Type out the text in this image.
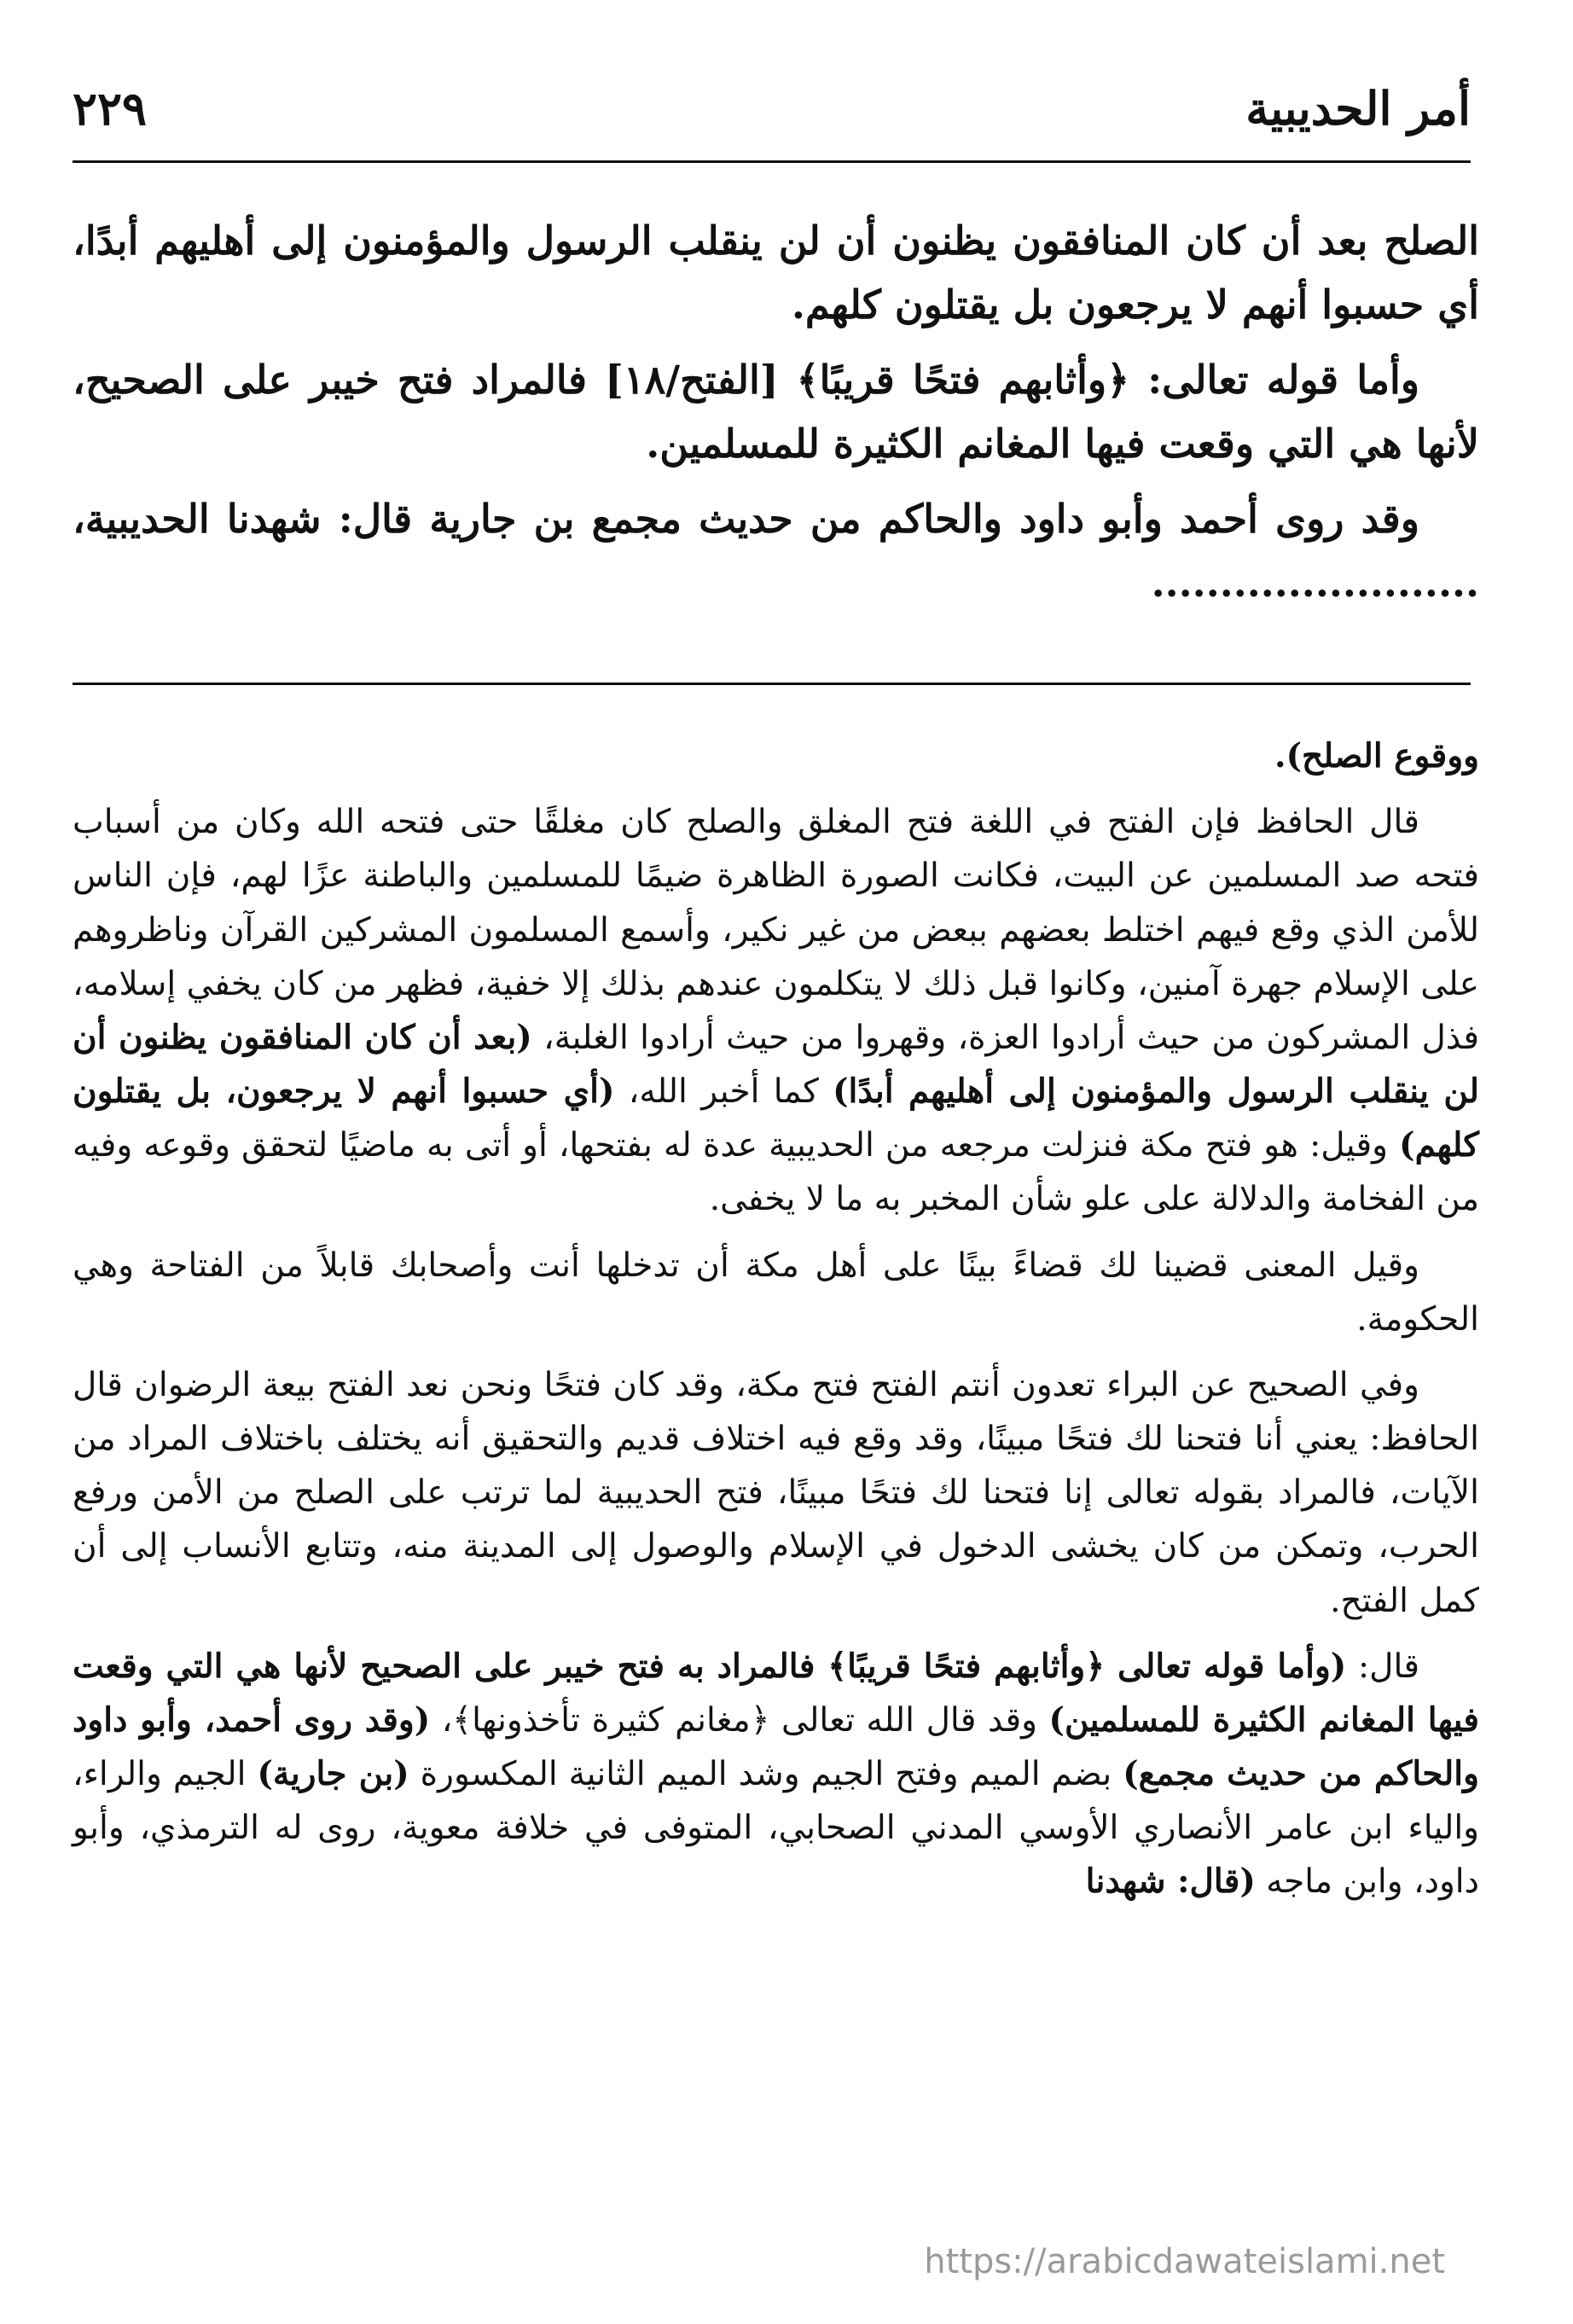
أمر الحديبية
٢٢٩

الصلح بعد أن كان المنافقون يظنون أن لن ينقلب الرسول والمؤمنون إلى أهليهم أبدًا، أي حسبوا أنهم لا يرجعون بل يقتلون كلهم.

وأما قوله تعالى: ﴿وأثابهم فتحًا قريبًا﴾ [الفتح/١٨] فالمراد فتح خيبر على الصحيح، لأنها هي التي وقعت فيها المغانم الكثيرة للمسلمين.

وقد روى أحمد وأبو داود والحاكم من حديث مجمع بن جارية قال: شهدنا الحديبية، ........................

ووقوع الصلح).

قال الحافظ فإن الفتح في اللغة فتح المغلق والصلح كان مغلقًا حتى فتحه الله وكان من أسباب فتحه صد المسلمين عن البيت، فكانت الصورة الظاهرة ضيمًا للمسلمين والباطنة عزًا لهم، فإن الناس للأمن الذي وقع فيهم اختلط بعضهم ببعض من غير نكير، وأسمع المسلمون المشركين القرآن وناظروهم على الإسلام جهرة آمنين، وكانوا قبل ذلك لا يتكلمون عندهم بذلك إلا خفية، فظهر من كان يخفي إسلامه، فذل المشركون من حيث أرادوا العزة، وقهروا من حيث أرادوا الغلبة، (بعد أن كان المنافقون يظنون أن لن ينقلب الرسول والمؤمنون إلى أهليهم أبدًا) كما أخبر الله، (أي حسبوا أنهم لا يرجعون، بل يقتلون كلهم) وقيل: هو فتح مكة فنزلت مرجعه من الحديبية عدة له بفتحها، أو أتى به ماضيًا لتحقق وقوعه وفيه من الفخامة والدلالة على علو شأن المخبر به ما لا يخفى.

وقيل المعنى قضينا لك قضاءً بينًا على أهل مكة أن تدخلها أنت وأصحابك قابلاً من الفتاحة وهي الحكومة.

وفي الصحيح عن البراء تعدون أنتم الفتح فتح مكة، وقد كان فتحًا ونحن نعد الفتح بيعة الرضوان قال الحافظ: يعني أنا فتحنا لك فتحًا مبينًا، وقد وقع فيه اختلاف قديم والتحقيق أنه يختلف باختلاف المراد من الآيات، فالمراد بقوله تعالى إنا فتحنا لك فتحًا مبينًا، فتح الحديبية لما ترتب على الصلح من الأمن ورفع الحرب، وتمكن من كان يخشى الدخول في الإسلام والوصول إلى المدينة منه، وتتابع الأنساب إلى أن كمل الفتح.

قال: (وأما قوله تعالى ﴿وأثابهم فتحًا قريبًا﴾ فالمراد به فتح خيبر على الصحيح لأنها هي التي وقعت فيها المغانم الكثيرة للمسلمين) وقد قال الله تعالى ﴿مغانم كثيرة تأخذونها﴾، (وقد روى أحمد، وأبو داود والحاكم من حديث مجمع) بضم الميم وفتح الجيم وشد الميم الثانية المكسورة (بن جارية) الجيم والراء، والياء ابن عامر الأنصاري الأوسي المدني الصحابي، المتوفى في خلافة معوية، روى له الترمذي، وأبو داود، وابن ماجه (قال: شهدنا

https://arabicdawateislami.net
